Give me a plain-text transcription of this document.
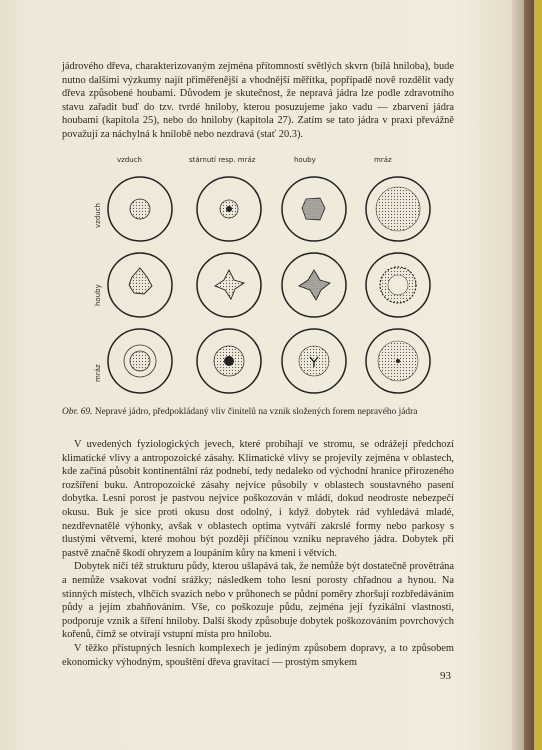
jádrového dřeva, charakterizovaným zejména přítomností světlých skvrn (bílá hniloba), bude nutno dalšími výzkumy najít přiměřenější a vhodnější měřítka, popřípadě nově rozdělit vady dřeva způsobené houbami. Důvodem je skutečnost, že nepravá jádra lze podle zdravotního stavu zařadit buď do tzv. tvrdé hniloby, kterou posuzujeme jako vadu — zbarvení jádra houbami (kapitola 25), nebo do hniloby (kapitola 27). Zatím se tato jádra v praxi převážně považují za náchylná k hnilobě nebo nezdravá (stať 20.3).

vzduch	stárnutí resp. mráz	houby	mráz
vzduch
houby
mráz
Obr. 69. Nepravé jádro, předpokládaný vliv činitelů na vznik složených forem nepravého jádra

V uvedených fyziologických jevech, které probíhají ve stromu, se odrážejí předchozí klimatické vlivy a antropozoické zásahy. Klimatické vlivy se projevily zejména v oblastech, kde začíná působit kontinentální ráz podnebí, tedy nedaleko od východní hranice přirozeného rozšíření buku. Antropozoické zásahy nejvíce působily v oblastech soustavného pasení dobytka. Lesní porost je pastvou nejvíce poškozován v mládí, dokud neodroste nebezpečí okusu. Buk je sice proti okusu dost odolný, i když dobytek rád vyhledává mladé, nezdřevnatělé výhonky, avšak v oblastech optima vytváří zakrslé formy nebo parkosy s tlustými větvemi, které mohou být později příčinou vzniku nepravého jádra. Dobytek při pastvě značně škodí ohryzem a loupáním kůry na kmeni i větvích.

Dobytek ničí též strukturu půdy, kterou ušlapává tak, že nemůže být dostatečně provětrána a nemůže vsakovat vodní srážky; následkem toho lesní porosty chřadnou a hynou. Na stinných místech, vlhčích svazích nebo v průhonech se půdní poměry zhoršují rozbředáváním půdy a jejím zbahňováním. Vše, co poškozuje půdu, zejména její fyzikální vlastnosti, podporuje vznik a šíření hniloby. Další škody způsobuje dobytek poškozováním povrchových kořenů, čímž se otvírají vstupní místa pro hnilobu.

V těžko přístupných lesních komplexech je jediným způsobem dopravy, a to způsobem ekonomicky výhodným, spouštění dřeva gravitací — prostým smykem

93
